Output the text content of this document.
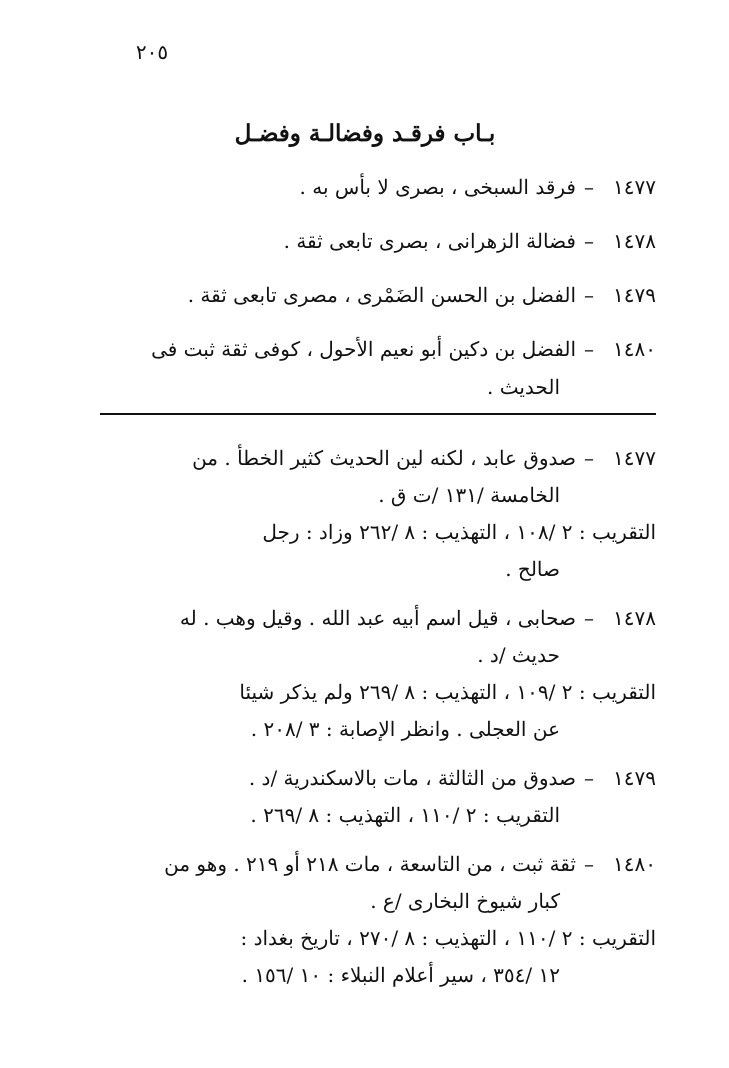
٢٠٥
بـاب فرقـد وفضالـة وفضـل
١٤٧٧–فرقد السبخى ، بصرى لا بأس به .
١٤٧٨–فضالة الزهرانى ، بصرى تابعى ثقة .
١٤٧٩–الفضل بن الحسن الضَمْرى ، مصرى تابعى ثقة .
١٤٨٠–الفضل بن دكين أبو نعيم الأحول ، كوفى ثقة ثبت فى
الحديث .
١٤٧٧–صدوق عابد ، لكنه لين الحديث كثير الخطأ . من
الخامسة /١٣١ /ت ق .
التقريب : ٢ /١٠٨ ، التهذيب : ٨ /٢٦٢ وزاد : رجل
صالح .
١٤٧٨–صحابى ، قيل اسم أبيه عبد الله . وقيل وهب . له
حديث /د .
التقريب : ٢ /١٠٩ ، التهذيب : ٨ /٢٦٩ ولم يذكر شيئا
عن العجلى . وانظر الإصابة : ٣ /٢٠٨ .
١٤٧٩–صدوق من الثالثة ، مات بالاسكندرية /د .
التقريب : ٢ /١١٠ ، التهذيب : ٨ /٢٦٩ .
١٤٨٠–ثقة ثبت ، من التاسعة ، مات ٢١٨ أو ٢١٩ . وهو من
كبار شيوخ البخارى /ع .
التقريب : ٢ /١١٠ ، التهذيب : ٨ /٢٧٠ ، تاريخ بغداد :
١٢ /٣٥٤ ، سير أعلام النبلاء : ١٠ /١٥٦ .
